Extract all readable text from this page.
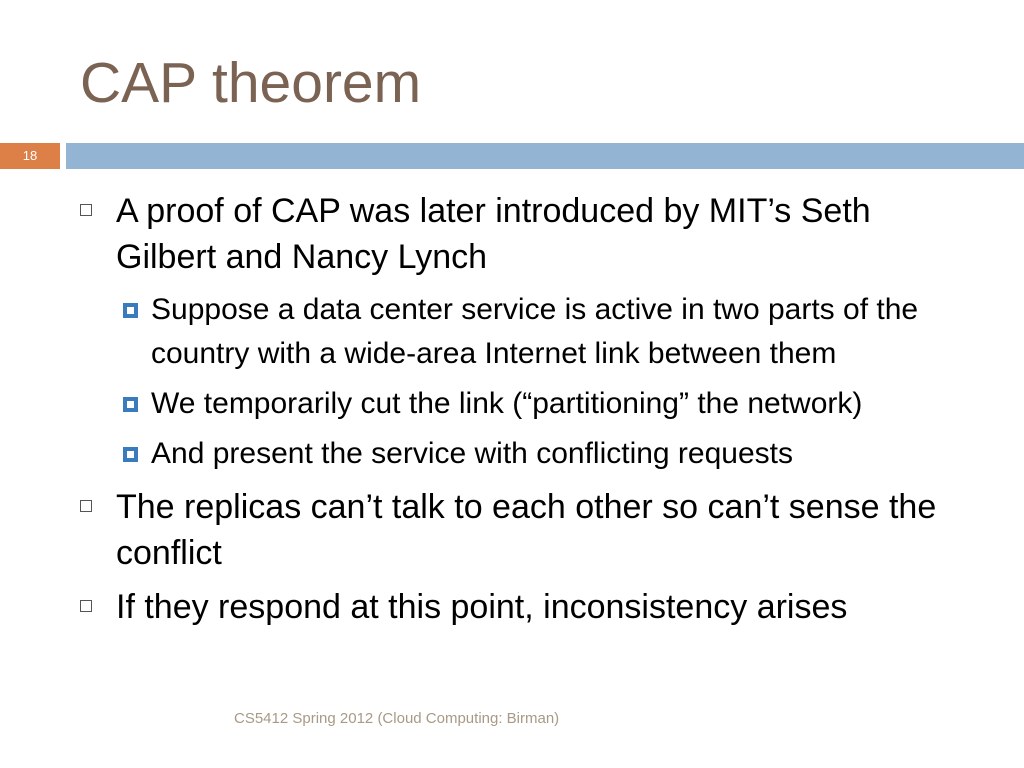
CAP theorem
18
A proof of CAP was later introduced by MIT’s Seth Gilbert and Nancy Lynch
Suppose a data center service is active in two parts of the country with a wide-area Internet link between them
We temporarily cut the link (“partitioning” the network)
And present the service with conflicting requests
The replicas can’t talk to each other so can’t sense the conflict
If they respond at this point, inconsistency arises
CS5412 Spring 2012 (Cloud Computing: Birman)
